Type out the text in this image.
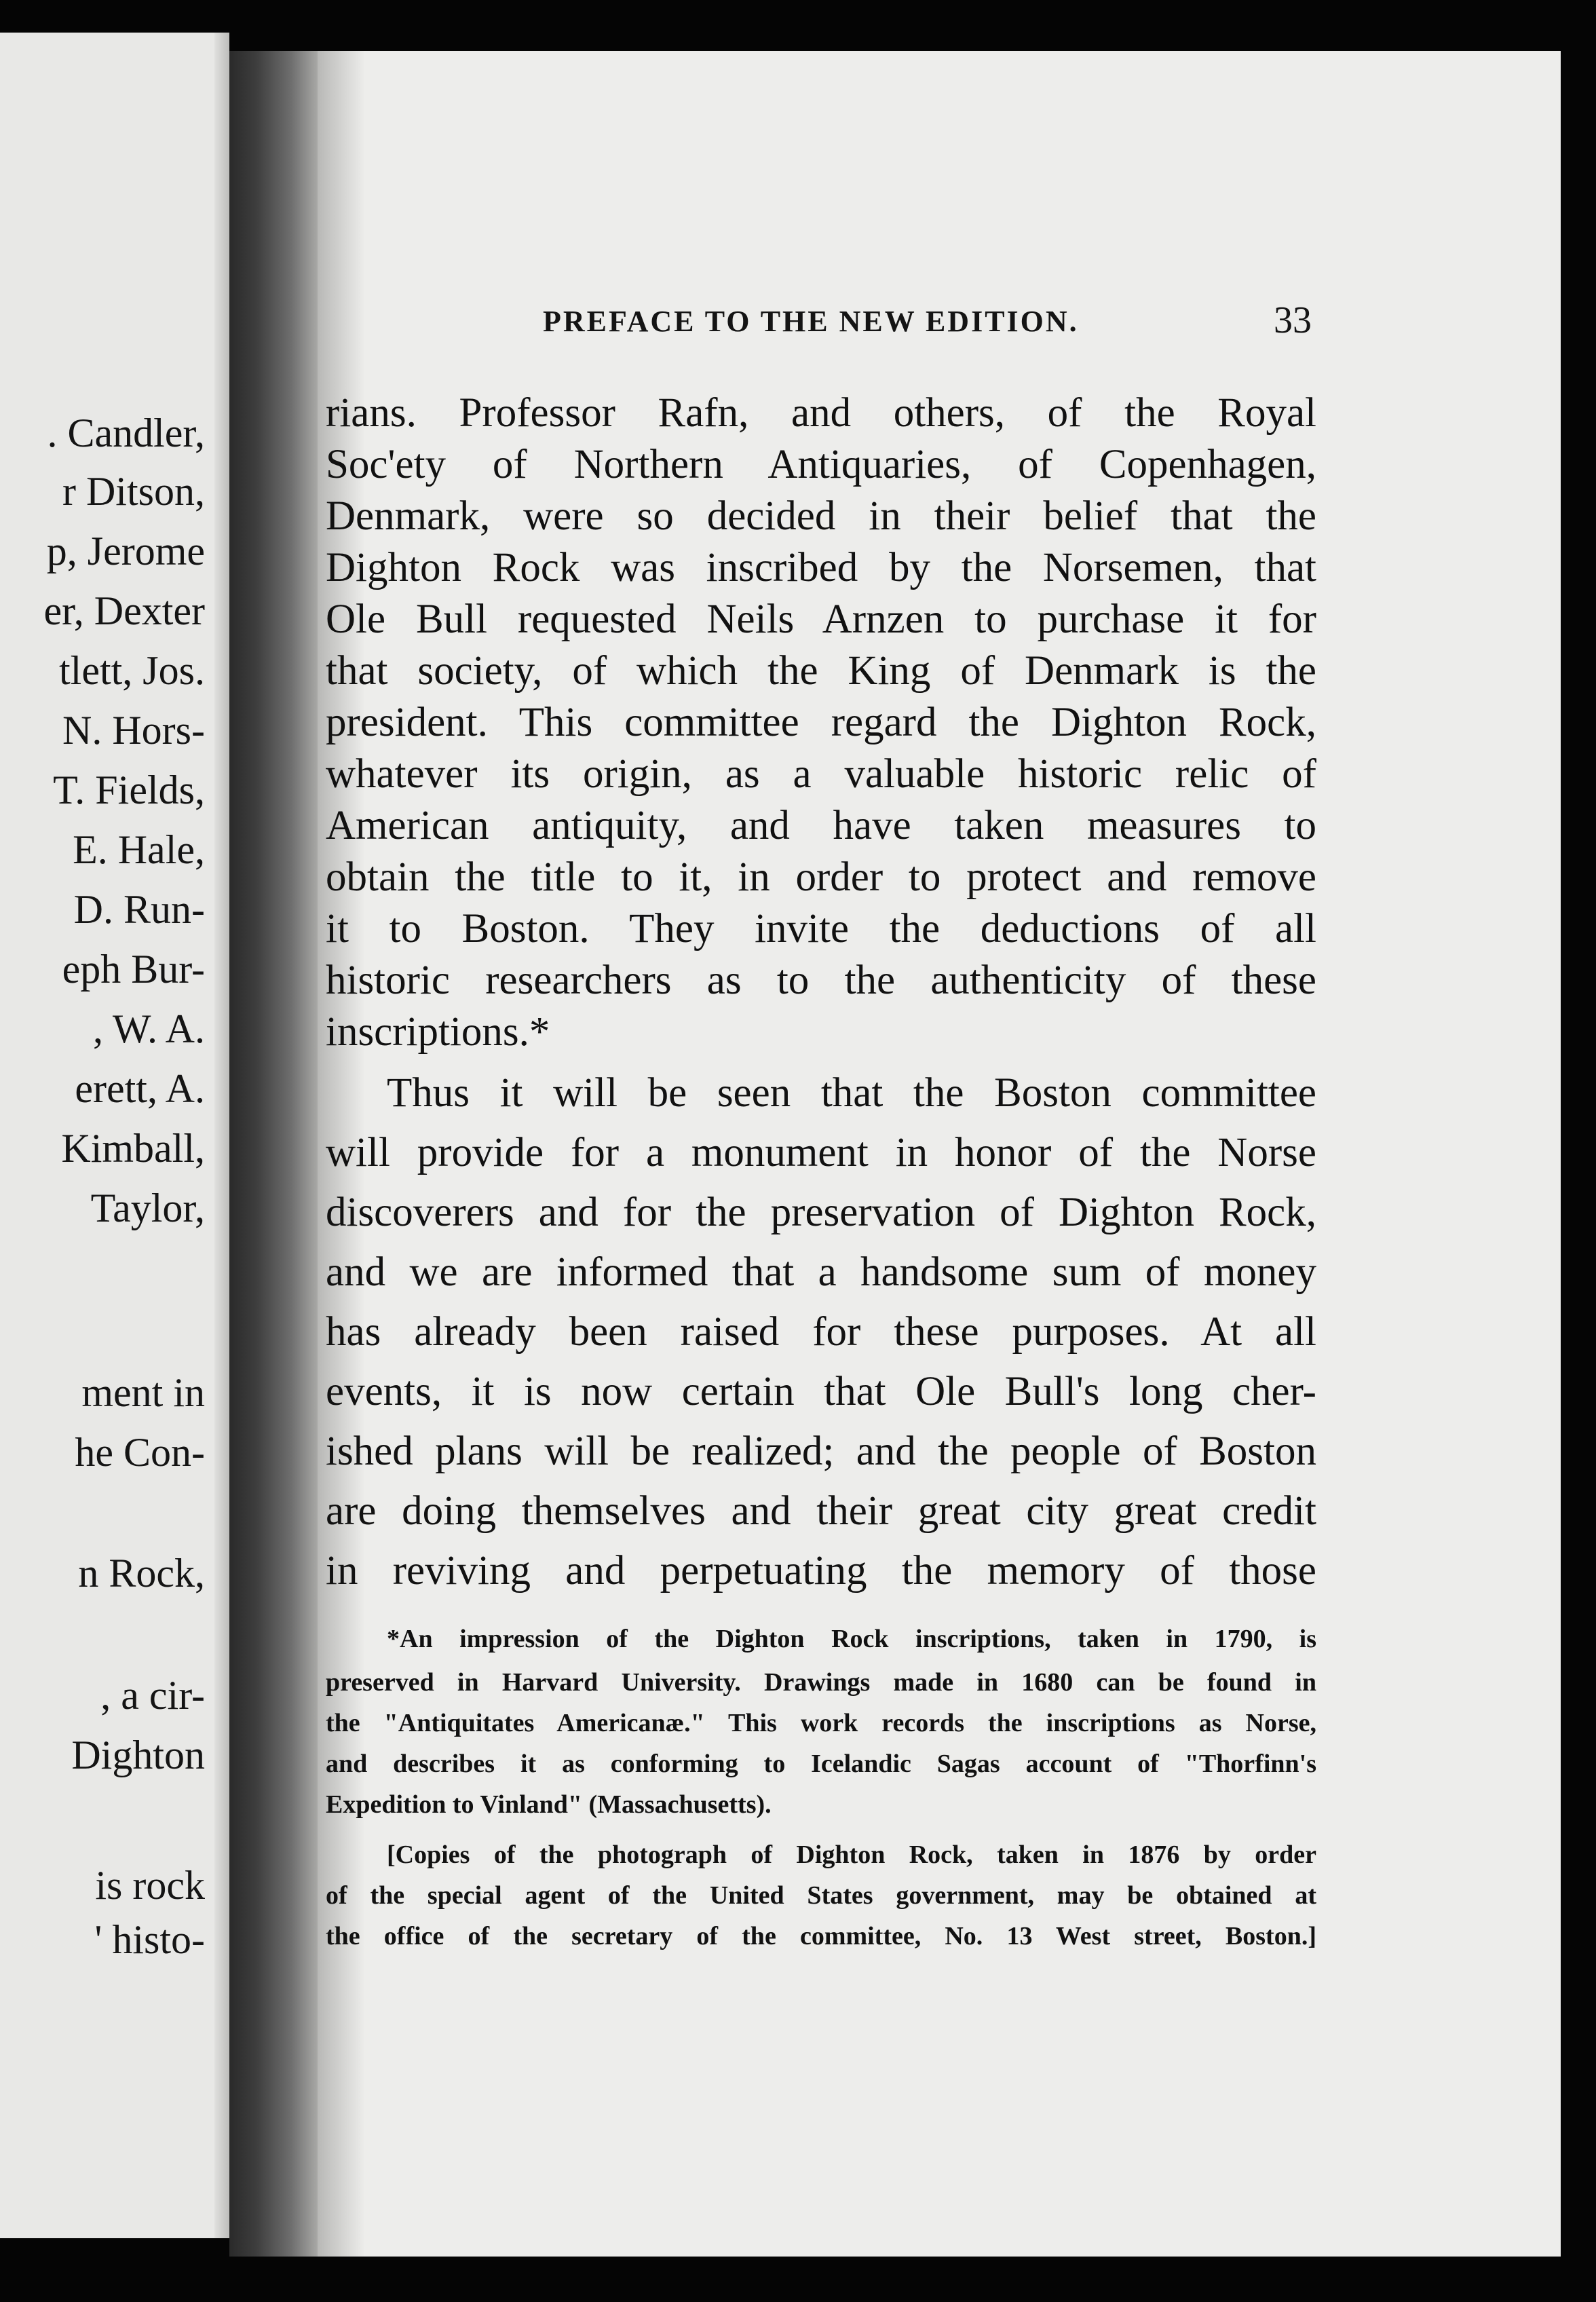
. Candler,
r Ditson,
p, Jerome
er, Dexter
tlett, Jos.
N. Hors-
T. Fields,
E. Hale,
D. Run-
eph Bur-
, W. A.
erett, A.
Kimball,
Taylor,
ment in
he Con-
n Rock,
, a cir-
Dighton
is rock
' histo-
PREFACE TO THE NEW EDITION.	33
rians. Professor Rafn, and others, of the Royal
Soc'ety of Northern Antiquaries, of Copenhagen,
Denmark, were so decided in their belief that the
Dighton Rock was inscribed by the Norsemen, that
Ole Bull requested Neils Arnzen to purchase it for
that society, of which the King of Denmark is the
president. This committee regard the Dighton Rock,
whatever its origin, as a valuable historic relic of
American antiquity, and have taken measures to
obtain the title to it, in order to protect and remove
it to Boston. They invite the deductions of all
historic researchers as to the authenticity of these
inscriptions.*
Thus it will be seen that the Boston committee
will provide for a monument in honor of the Norse
discoverers and for the preservation of Dighton Rock,
and we are informed that a handsome sum of money
has already been raised for these purposes. At all
events, it is now certain that Ole Bull's long cher-
ished plans will be realized; and the people of Boston
are doing themselves and their great city great credit
in reviving and perpetuating the memory of those
*An impression of the Dighton Rock inscriptions, taken in 1790, is
preserved in Harvard University. Drawings made in 1680 can be found in
the "Antiquitates Americanæ." This work records the inscriptions as Norse,
and describes it as conforming to Icelandic Sagas account of "Thorfinn's
Expedition to Vinland" (Massachusetts).
[Copies of the photograph of Dighton Rock, taken in 1876 by order
of the special agent of the United States government, may be obtained at
the office of the secretary of the committee, No. 13 West street, Boston.]
